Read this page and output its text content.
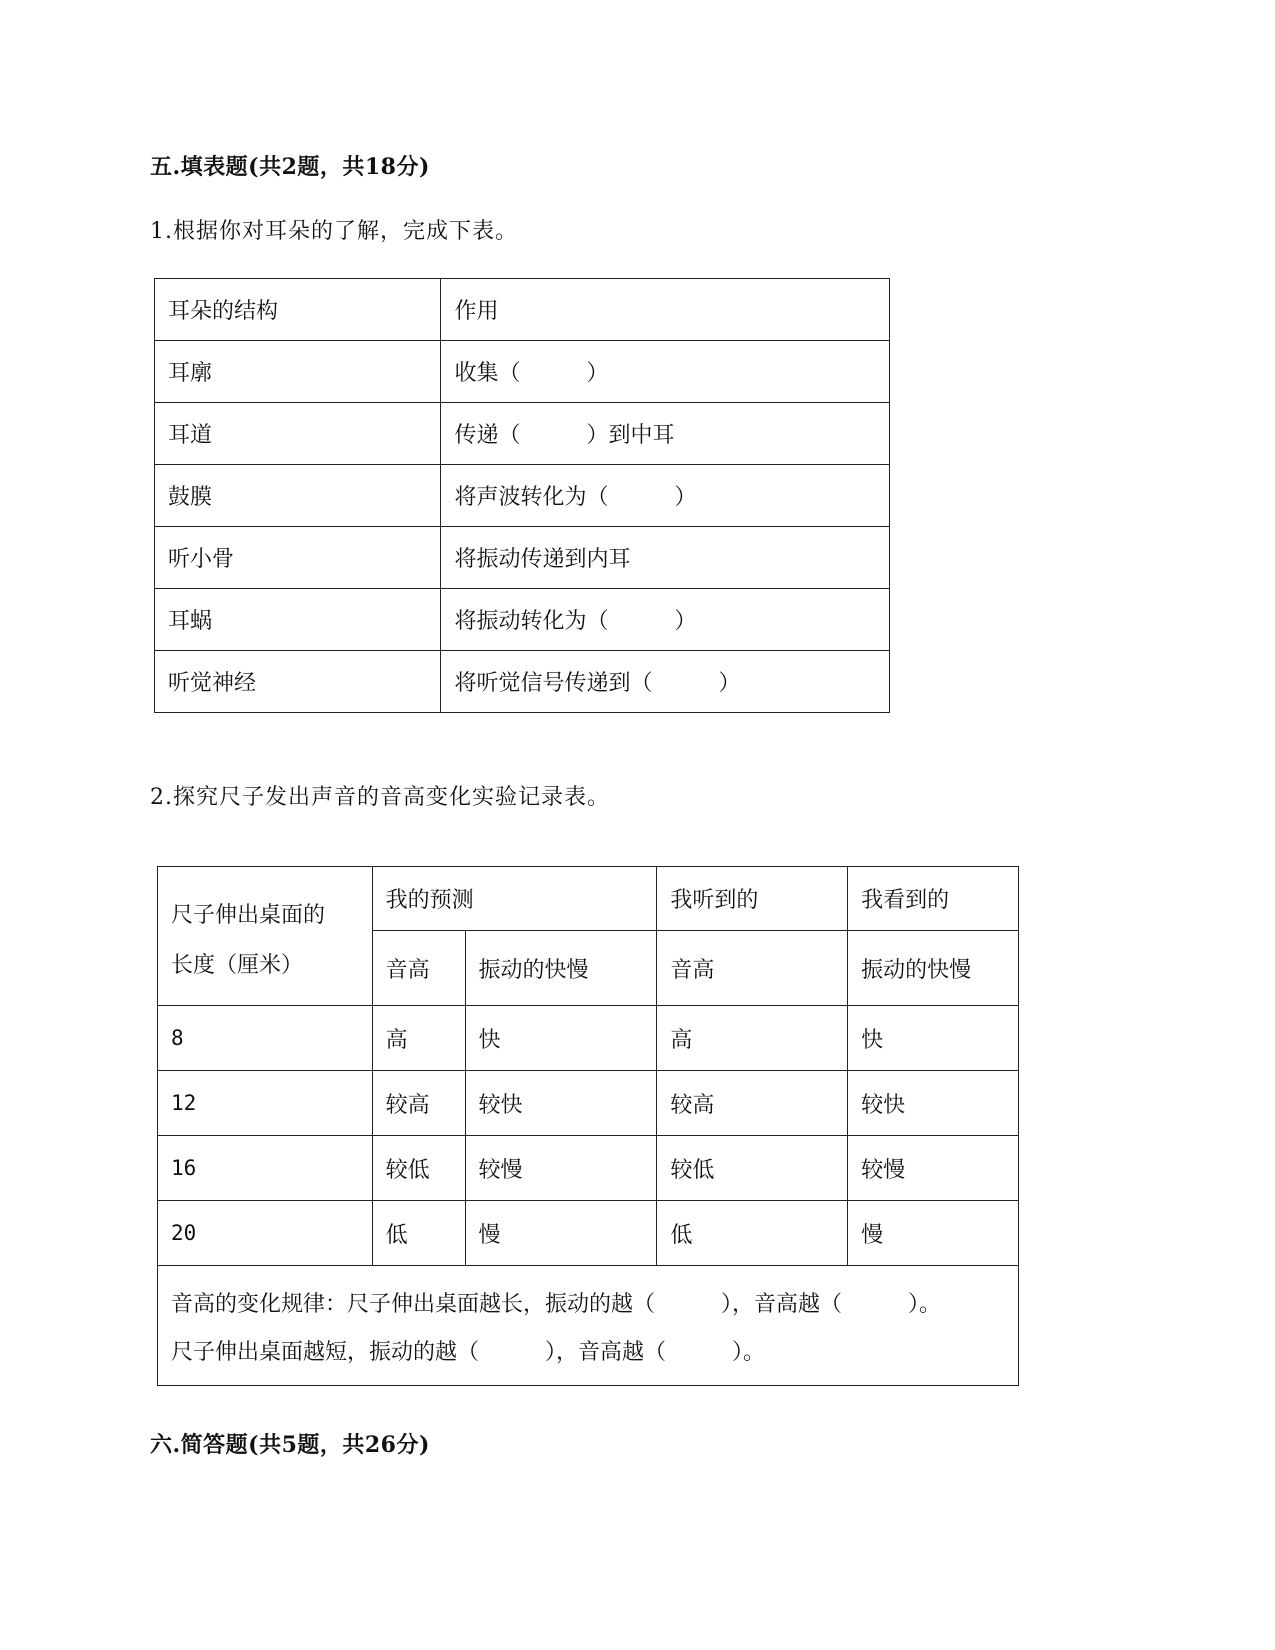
五.填表题(共2题，共18分)
1.根据你对耳朵的了解，完成下表。
耳朵的结构	作用
耳廓	收集（　　　）
耳道	传递（　　　）到中耳
鼓膜	将声波转化为（　　　）
听小骨	将振动传递到内耳
耳蜗	将振动转化为（　　　）
听觉神经	将听觉信号传递到（　　　）
2.探究尺子发出声音的音高变化实验记录表。
尺子伸出桌面的
长度（厘米）	我的预测		我听到的	我看到的
	音高	振动的快慢	音高	振动的快慢
8	高	快	高	快
12	较高	较快	较高	较快
16	较低	较慢	较低	较慢
20	低	慢	低	慢

音高的变化规律：尺子伸出桌面越长，振动的越（　　　），音高越（　　　）。
尺子伸出桌面越短，振动的越（　　　），音高越（　　　）。				
六.简答题(共5题，共26分)
